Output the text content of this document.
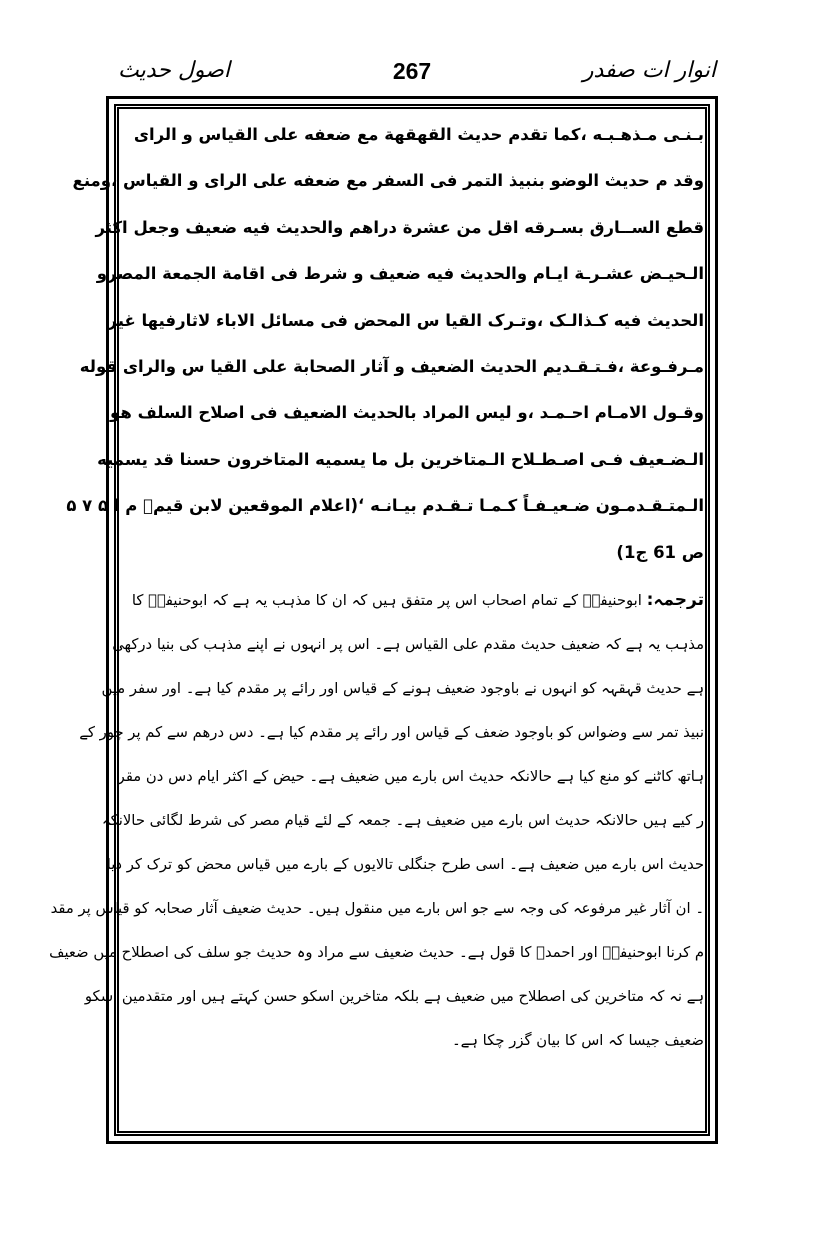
انوار ات صفدر
267
اصول حدیث
بـنـی مـذهـبـه ،کما تقدم حديث القهقهة مع ضعفه علی القياس و الرای
وقد م حديث الوضو بنبيذ التمر فی السفر مع ضعفه علی الرای و القياس ،ومنع
قطع الســارق بسـرقه اقل من عشرة دراهم والحديث فيه ضعيف وجعل اكثر
الـحيـض عشـرـة ايـام والحديث فيه ضعيف و شرط فی اقامة الجمعة المصرو
الحديث فيه كـذالـک ،وتـرک القيا س المحض فی مسائل الاباء لاثارفيها غير
مـرفـوعة ،فـتـقـديم الحديث الضعيف و آثار الصحابة علی القيا س والرای قوله
وقـول الامـام احـمـد ،و ليس المراد بالحديث الضعيف فی اصلاح السلف هو
الـضـعيف فـی اصـطـلاح الـمتاخرين بل ما يسميه المتاخرون حسنا قد يسميه
الـمتـقـدمـون ضـعيـفـاً كـمـا تـقـدم بيـانـه ‘(اعلام الموقعين لابن قيمؒ م ا ۵ ۷ ۵
ص 61 ج1)
ترجمہ: ابوحنیفہؒ کے تمام اصحاب اس پر متفق ہیں کہ ان کا مذہب یہ ہے کہ ابوحنیفہؒ کا
مذہب یہ ہے کہ ضعیف حدیث مقدم علی القیاس ہے۔ اس پر انہوں نے اپنے مذہب کی بنیا درکھی
ہے حدیث قہقہہ کو انہوں نے باوجود ضعیف ہونے کے قیاس اور رائے پر مقدم کیا ہے۔ اور سفر میں
نبیذ تمر سے وضواس کو باوجود ضعف کے قیاس اور رائے پر مقدم کیا ہے۔ دس درھم سے کم پر چور کے
ہاتھ کاٹنے کو منع کیا ہے حالانکہ حدیث اس بارے میں ضعیف ہے۔ حیض کے اکثر ایام دس دن مقر
ر کیے ہیں حالانکہ حدیث اس بارے میں ضعیف ہے۔ جمعہ کے لئے قیام مصر کی شرط لگائی حالانکہ
حدیث اس بارے میں ضعیف ہے۔ اسی طرح جنگلی تالایوں کے بارے میں قیاس محض کو ترک کر دیا
۔ ان آثار غیر مرفوعہ کی وجہ سے جو اس بارے میں منقول ہیں۔ حدیث ضعیف آثار صحابہ کو قیاس پر مقد
م کرنا ابوحنیفہؒ اور احمدؒ کا قول ہے۔ حدیث ضعیف سے مراد وہ حدیث جو سلف کی اصطلاح میں ضعیف
ہے نہ کہ متاخرین کی اصطلاح میں ضعیف ہے بلکہ متاخرین اسکو حسن کہتے ہیں اور متقدمین اسکو
ضعیف جیسا کہ اس کا بیان گزر چکا ہے۔
